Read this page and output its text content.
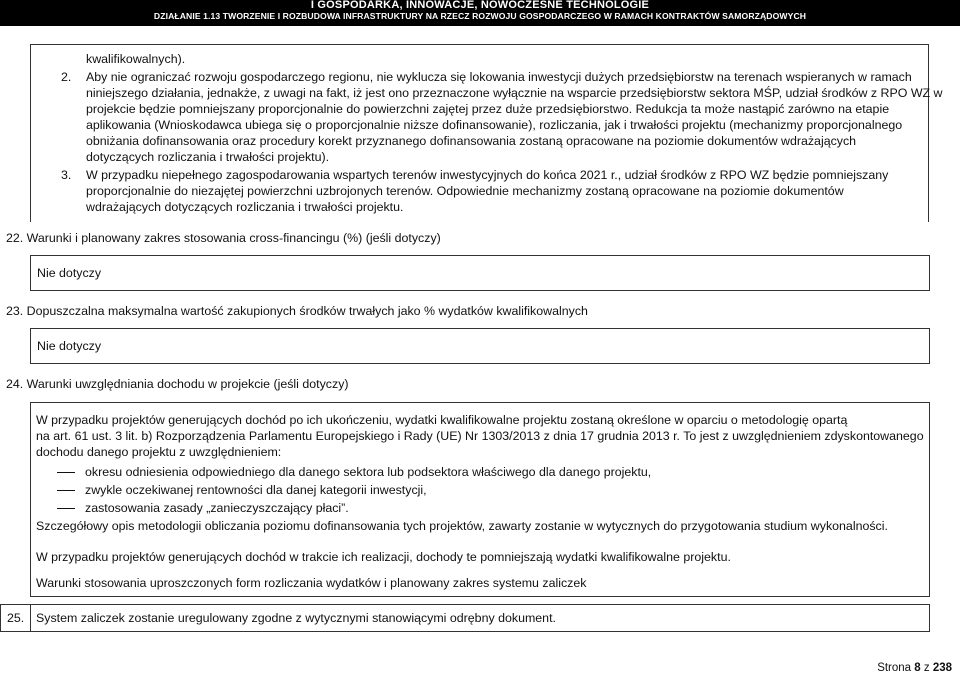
I GOSPODARKA, INNOWACJE, NOWOCZESNE TECHNOLOGIE
DZIAŁANIE 1.13 TWORZENIE I ROZBUDOWA INFRASTRUKTURY NA RZECZ ROZWOJU GOSPODARCZEGO W RAMACH KONTRAKTÓW SAMORZĄDOWYCH
kwalifikowalnych).
2. Aby nie ograniczać rozwoju gospodarczego regionu, nie wyklucza się lokowania inwestycji dużych przedsiębiorstw na terenach wspieranych w ramach
niniejszego działania, jednakże, z uwagi na fakt, iż jest ono przeznaczone wyłącznie na wsparcie przedsiębiorstw sektora MŚP, udział środków z RPO WZ w
projekcie będzie pomniejszany proporcjonalnie do powierzchni zajętej przez duże przedsiębiorstwo. Redukcja ta może nastąpić zarówno na etapie
aplikowania (Wnioskodawca ubiega się o proporcjonalnie niższe dofinansowanie), rozliczania, jak i trwałości projektu (mechanizmy proporcjonalnego
obniżania dofinansowania oraz procedury korekt przyznanego dofinansowania zostaną opracowane na poziomie dokumentów wdrażających
dotyczących rozliczania i trwałości projektu).
3. W przypadku niepełnego zagospodarowania wspartych terenów inwestycyjnych do końca 2021 r., udział środków z RPO WZ będzie pomniejszany
proporcjonalnie do niezajętej powierzchni uzbrojonych terenów. Odpowiednie mechanizmy zostaną opracowane na poziomie dokumentów
wdrażających dotyczących rozliczania i trwałości projektu.
22. Warunki i planowany zakres stosowania cross-financingu (%) (jeśli dotyczy)
Nie dotyczy
23. Dopuszczalna maksymalna wartość zakupionych środków trwałych jako % wydatków kwalifikowalnych
Nie dotyczy
24. Warunki uwzględniania dochodu w projekcie (jeśli dotyczy)
W przypadku projektów generujących dochód po ich ukończeniu, wydatki kwalifikowalne projektu zostaną określone w oparciu o metodologię opartą
na art. 61 ust. 3 lit. b) Rozporządzenia Parlamentu Europejskiego i Rady (UE) Nr 1303/2013 z dnia 17 grudnia 2013 r. To jest z uwzględnieniem zdyskontowanego
dochodu danego projektu z uwzględnieniem:
okresu odniesienia odpowiedniego dla danego sektora lub podsektora właściwego dla danego projektu,
zwykle oczekiwanej rentowności dla danej kategorii inwestycji,
zastosowania zasady „zanieczyszczający płaci”.
Szczegółowy opis metodologii obliczania poziomu dofinansowania tych projektów, zawarty zostanie w wytycznych do przygotowania studium wykonalności.
W przypadku projektów generujących dochód w trakcie ich realizacji, dochody te pomniejszają wydatki kwalifikowalne projektu.
Warunki stosowania uproszczonych form rozliczania wydatków i planowany zakres systemu zaliczek
25. System zaliczek zostanie uregulowany zgodne z wytycznymi stanowiącymi odrębny dokument.
Strona 8 z 238
